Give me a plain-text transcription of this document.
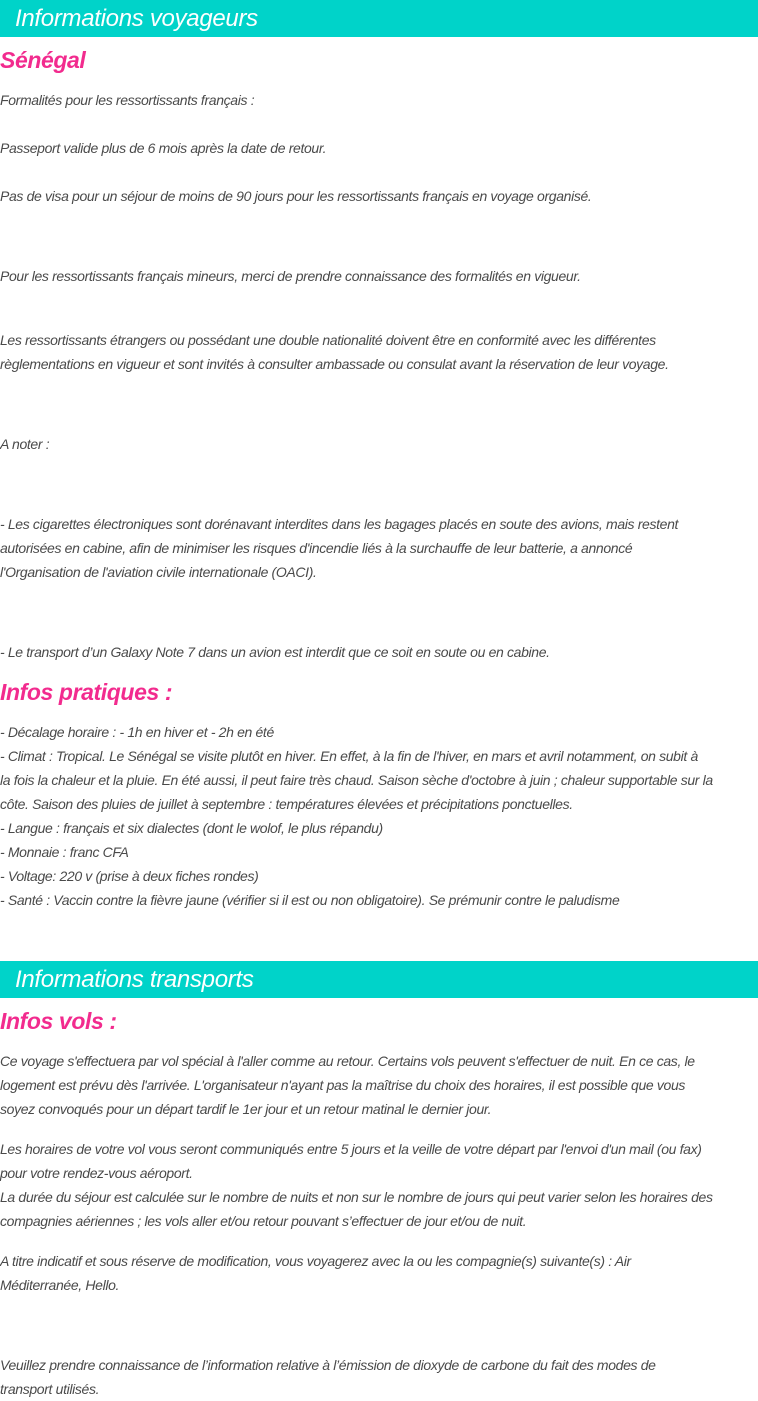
Informations voyageurs
Sénégal
Formalités pour les ressortissants français :
Passeport valide plus de 6 mois après la date de retour.
Pas de visa pour un séjour de moins de 90 jours pour les ressortissants français en voyage organisé.
Pour les ressortissants français mineurs, merci de prendre connaissance des formalités en vigueur.
Les ressortissants étrangers ou possédant une double nationalité doivent être en conformité avec les différentes
règlementations en vigueur et sont invités à consulter ambassade ou consulat avant la réservation de leur voyage.
A noter :
- Les cigarettes électroniques sont dorénavant interdites dans les bagages placés en soute des avions, mais restent
autorisées en cabine, afin de minimiser les risques d'incendie liés à la surchauffe de leur batterie, a annoncé
l'Organisation de l'aviation civile internationale (OACI).
- Le transport d’un Galaxy Note 7 dans un avion est interdit que ce soit en soute ou en cabine.
Infos pratiques :
- Décalage horaire : - 1h en hiver et - 2h en été
- Climat : Tropical. Le Sénégal se visite plutôt en hiver. En effet, à la fin de l'hiver, en mars et avril notamment, on subit à
la fois la chaleur et la pluie. En été aussi, il peut faire très chaud. Saison sèche d'octobre à juin ; chaleur supportable sur la
côte. Saison des pluies de juillet à septembre : températures élevées et précipitations ponctuelles.
- Langue : français et six dialectes (dont le wolof, le plus répandu)
- Monnaie : franc CFA
- Voltage: 220 v (prise à deux fiches rondes)
- Santé : Vaccin contre la fièvre jaune (vérifier si il est ou non obligatoire). Se prémunir contre le paludisme
Informations transports
Infos vols :
Ce voyage s'effectuera par vol spécial à l'aller comme au retour. Certains vols peuvent s'effectuer de nuit. En ce cas, le
logement est prévu dès l'arrivée. L'organisateur n'ayant pas la maîtrise du choix des horaires, il est possible que vous
soyez convoqués pour un départ tardif le 1er jour et un retour matinal le dernier jour.
Les horaires de votre vol vous seront communiqués entre 5 jours et la veille de votre départ par l'envoi d'un mail (ou fax)
pour votre rendez-vous aéroport.
La durée du séjour est calculée sur le nombre de nuits et non sur le nombre de jours qui peut varier selon les horaires des
compagnies aériennes ; les vols aller et/ou retour pouvant s’effectuer de jour et/ou de nuit.
A titre indicatif et sous réserve de modification, vous voyagerez avec la ou les compagnie(s) suivante(s) : Air
Méditerranée, Hello.
Veuillez prendre connaissance de l’information relative à l’émission de dioxyde de carbone du fait des modes de
transport utilisés.
